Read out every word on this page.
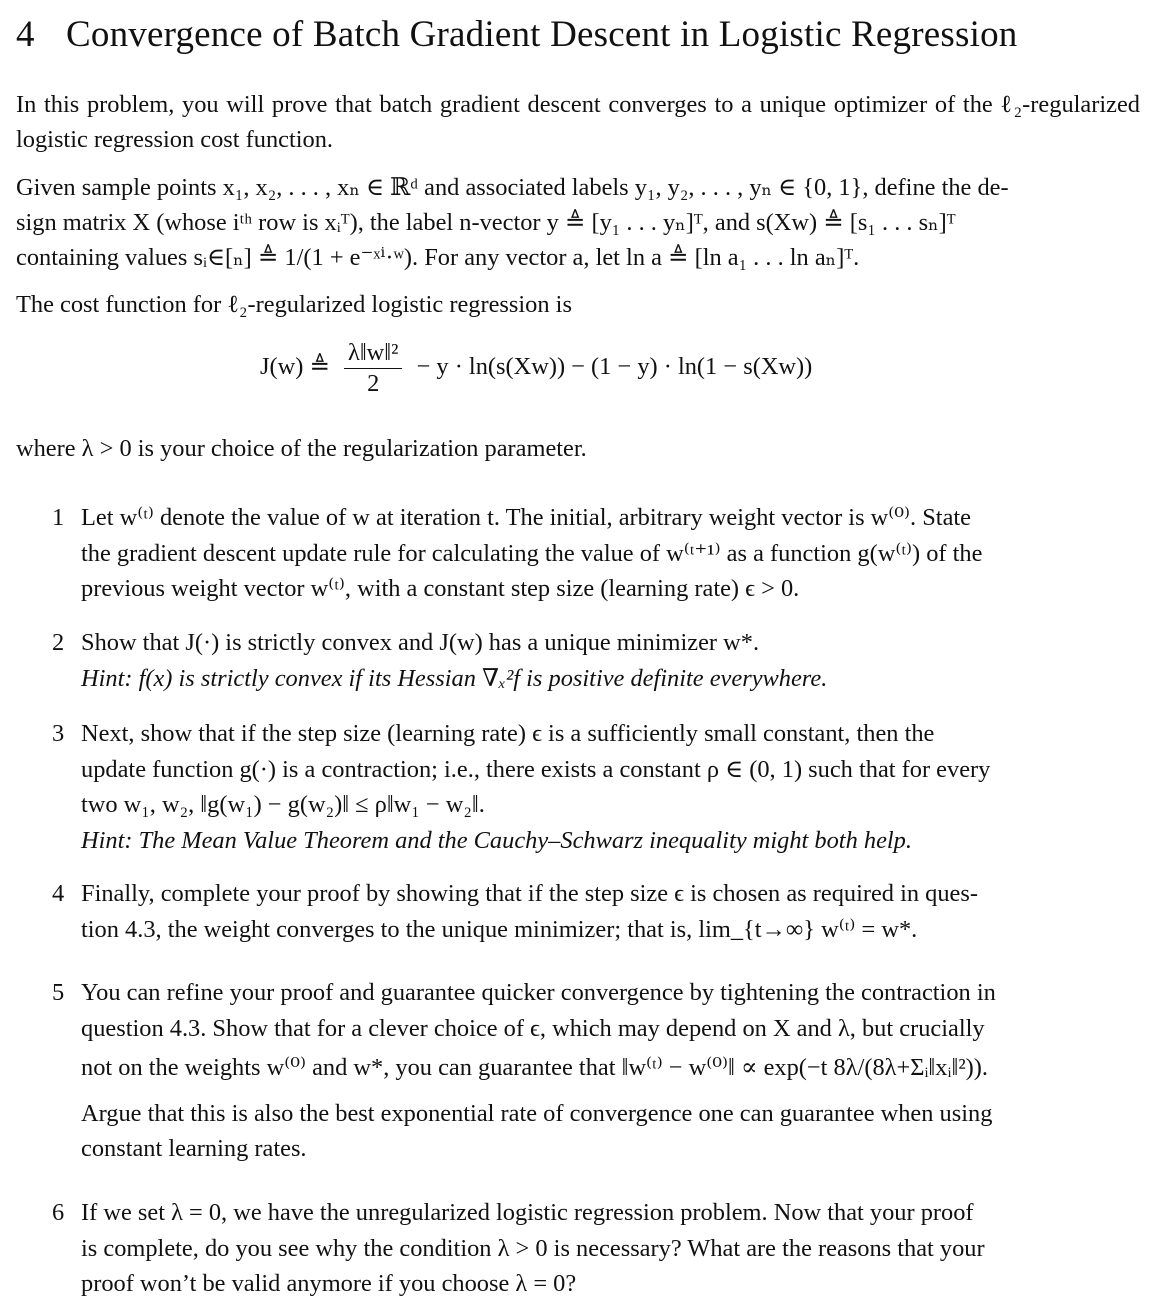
4 Convergence of Batch Gradient Descent in Logistic Regression
In this problem, you will prove that batch gradient descent converges to a unique optimizer of the ℓ₂-regularized logistic regression cost function.
Given sample points x₁, x₂, . . . , xₙ ∈ ℝᵈ and associated labels y₁, y₂, . . . , yₙ ∈ {0, 1}, define the de-
sign matrix X (whose iᵗʰ row is xᵢᵀ), the label n-vector y ≜ [y₁ . . . yₙ]ᵀ, and s(Xw) ≜ [s₁ . . . sₙ]ᵀ
containing values sᵢ∈[ₙ] ≜ 1/(1 + e⁻ˣⁱ·ʷ). For any vector a, let ln a ≜ [ln a₁ . . . ln aₙ]ᵀ.
The cost function for ℓ₂-regularized logistic regression is
J(w) ≜ $\frac{\text{λ‖w‖²}}{2} - y \cdot \ln(s(Xw)) - (1 - y) \cdot \ln(1 - s(Xw))$
where λ > 0 is your choice of the regularization parameter.
1 Let w⁽ᵗ⁾ denote the value of w at iteration t. The initial, arbitrary weight vector is w⁽⁰⁾. State
the gradient descent update rule for calculating the value of w⁽ᵗ⁺¹⁾ as a function g(w⁽ᵗ⁾) of the
previous weight vector w⁽ᵗ⁾, with a constant step size (learning rate) ϵ > 0.
2 Show that J(·) is strictly convex and J(w) has a unique minimizer w*.
Hint: f(x) is strictly convex if its Hessian ∇ₓ²f is positive definite everywhere.
3 Next, show that if the step size (learning rate) ϵ is a sufficiently small constant, then the
update function g(·) is a contraction; i.e., there exists a constant ρ ∈ (0, 1) such that for every
two w₁, w₂, ‖g(w₁) − g(w₂)‖ ≤ ρ‖w₁ − w₂‖.
Hint: The Mean Value Theorem and the Cauchy–Schwarz inequality might both help.
4 Finally, complete your proof by showing that if the step size ϵ is chosen as required in ques-
tion 4.3, the weight converges to the unique minimizer; that is, lim_{t→∞} w⁽ᵗ⁾ = w*.
5 You can refine your proof and guarantee quicker convergence by tightening the contraction in
question 4.3. Show that for a clever choice of ϵ, which may depend on X and λ, but crucially
not on the weights w⁽⁰⁾ and w*, you can guarantee that ‖w⁽ᵗ⁾ − w⁽⁰⁾‖ ∝ exp(−t 8λ/(8λ+Σᵢ‖xᵢ‖²)).
Argue that this is also the best exponential rate of convergence one can guarantee when using
constant learning rates.
6 If we set λ = 0, we have the unregularized logistic regression problem. Now that your proof
is complete, do you see why the condition λ > 0 is necessary? What are the reasons that your
proof won’t be valid anymore if you choose λ = 0?
